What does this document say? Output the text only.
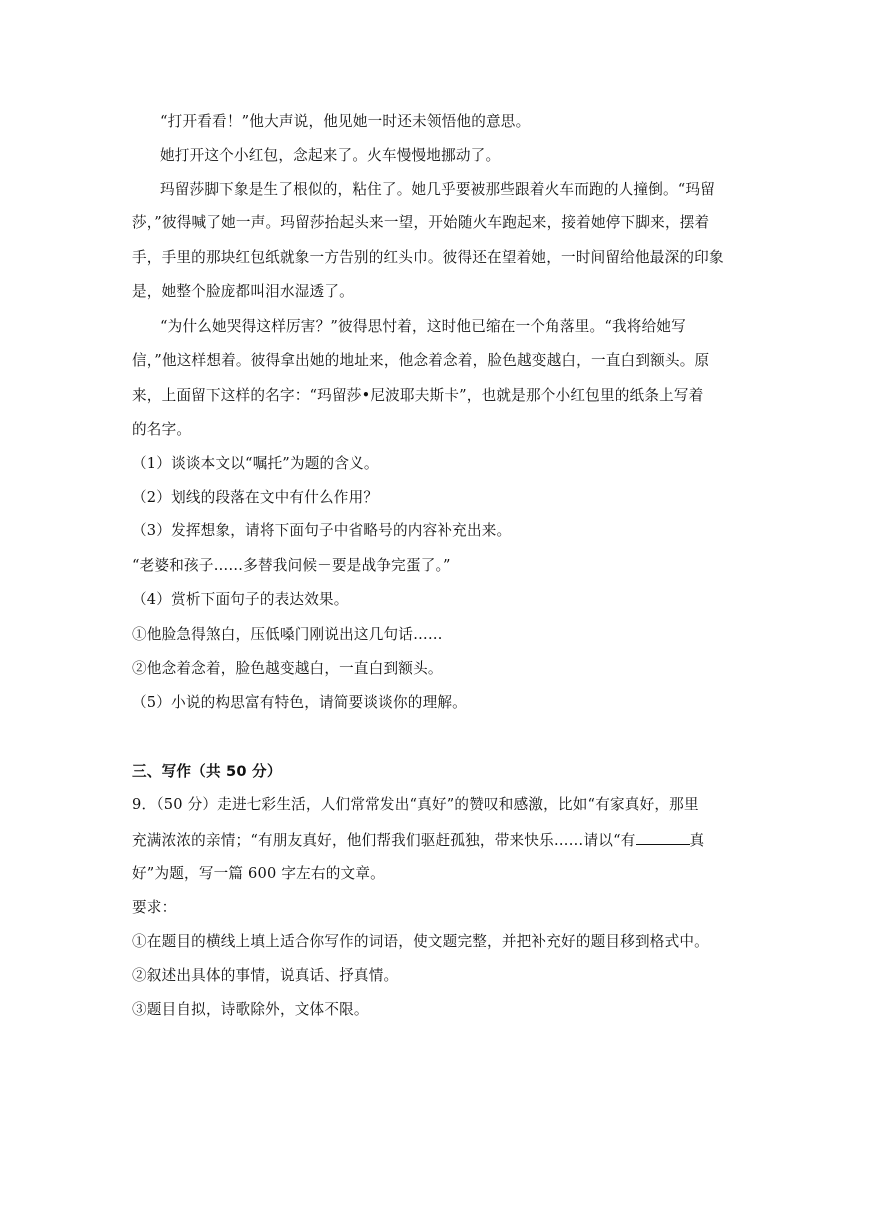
“打开看看！”他大声说，他见她一时还未领悟他的意思。
她打开这个小红包，念起来了。火车慢慢地挪动了。
玛留莎脚下象是生了根似的，粘住了。她几乎要被那些跟着火车而跑的人撞倒。“玛留
莎，”彼得喊了她一声。玛留莎抬起头来一望，开始随火车跑起来，接着她停下脚来，摆着
手，手里的那块红包纸就象一方告别的红头巾。彼得还在望着她，一时间留给他最深的印象
是，她整个脸庞都叫泪水湿透了。
“为什么她哭得这样厉害？”彼得思忖着，这时他已缩在一个角落里。“我将给她写
信，”他这样想着。彼得拿出她的地址来，他念着念着，脸色越变越白，一直白到额头。原
来，上面留下这样的名字：“玛留莎•尼波耶夫斯卡”，也就是那个小红包里的纸条上写着
的名字。
（1）谈谈本文以“嘱托”为题的含义。
（2）划线的段落在文中有什么作用？
（3）发挥想象，请将下面句子中省略号的内容补充出来。
“老婆和孩子……多替我问候－要是战争完蛋了。”
（4）赏析下面句子的表达效果。
①他脸急得煞白，压低嗓门刚说出这几句话……
②他念着念着，脸色越变越白，一直白到额头。
（5）小说的构思富有特色，请简要谈谈你的理解。
三、写作（共 50 分）
9．（50 分）走进七彩生活，人们常常发出“真好”的赞叹和感激，比如“有家真好，那里
充满浓浓的亲情；“有朋友真好，他们帮我们驱赶孤独，带来快乐……请以“有	真
好”为题，写一篇 600 字左右的文章。
要求：
①在题目的横线上填上适合你写作的词语，使文题完整，并把补充好的题目移到格式中。
②叙述出具体的事情，说真话、抒真情。
③题目自拟，诗歌除外，文体不限。
